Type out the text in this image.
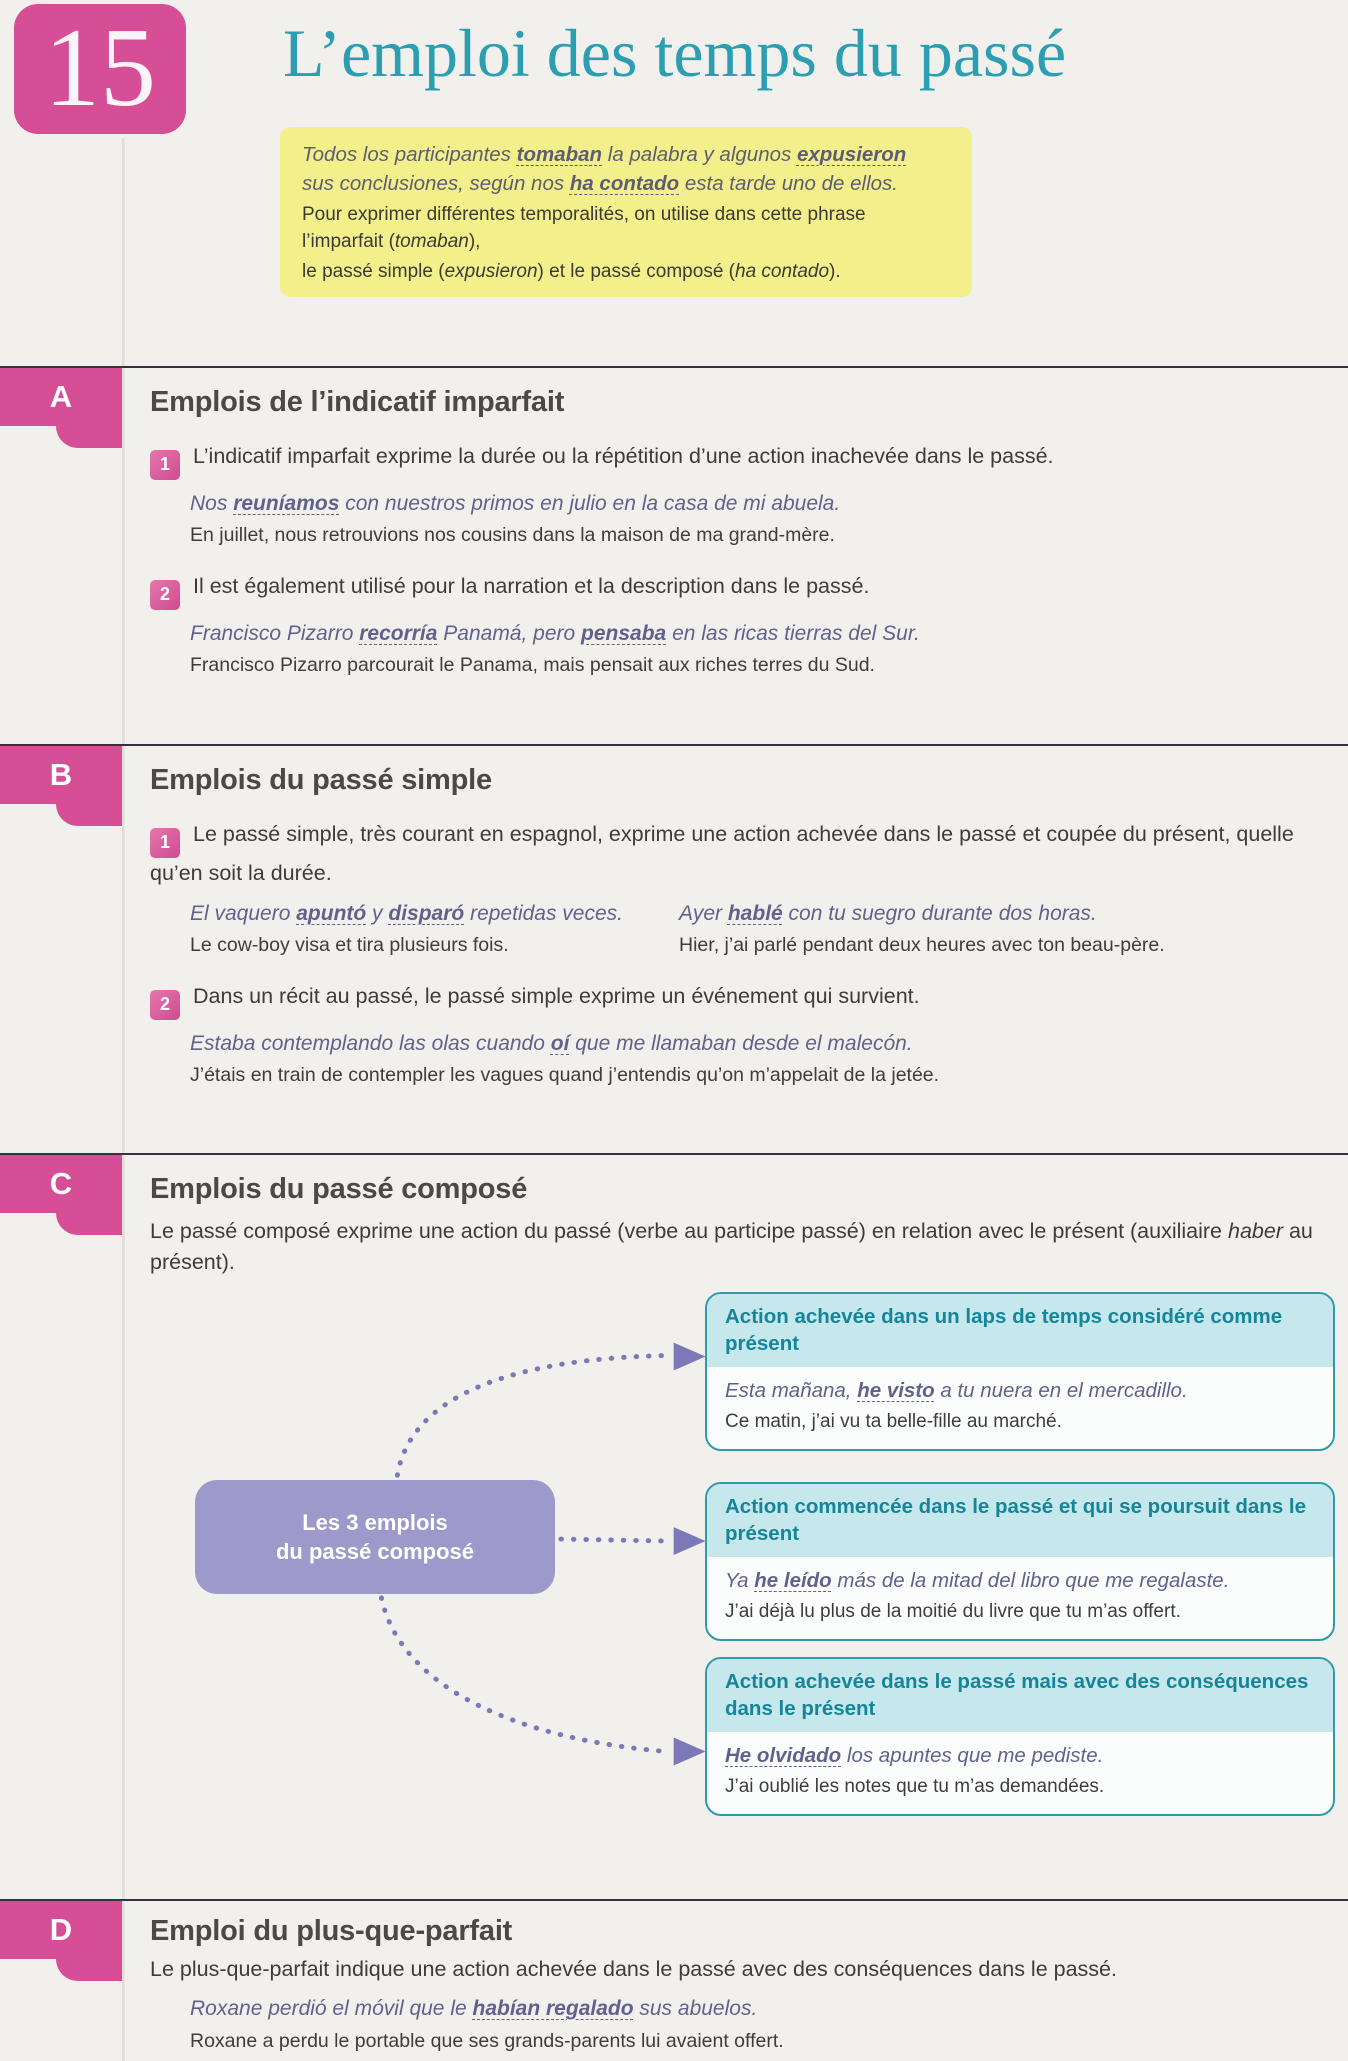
15	L’emploi des temps du passé
Todos los participantes tomaban la palabra y algunos expusieron
sus conclusiones, según nos ha contado esta tarde uno de ellos.
Pour exprimer différentes temporalités, on utilise dans cette phrase l’imparfait (tomaban),
le passé simple (expusieron) et le passé composé (ha contado).
A	Emplois de l’indicatif imparfait
1 L’indicatif imparfait exprime la durée ou la répétition d’une action inachevée dans le passé.
Nos reuníamos con nuestros primos en julio en la casa de mi abuela.
En juillet, nous retrouvions nos cousins dans la maison de ma grand-mère.
2 Il est également utilisé pour la narration et la description dans le passé.
Francisco Pizarro recorría Panamá, pero pensaba en las ricas tierras del Sur.
Francisco Pizarro parcourait le Panama, mais pensait aux riches terres du Sud.
B	Emplois du passé simple
1 Le passé simple, très courant en espagnol, exprime une action achevée dans le passé et coupée du présent, quelle qu’en soit la durée.
El vaquero apuntó y disparó repetidas veces.
Le cow-boy visa et tira plusieurs fois.
Ayer hablé con tu suegro durante dos horas.
Hier, j’ai parlé pendant deux heures avec ton beau-père.
2 Dans un récit au passé, le passé simple exprime un événement qui survient.
Estaba contemplando las olas cuando oí que me llamaban desde el malecón.
J’étais en train de contempler les vagues quand j’entendis qu’on m’appelait de la jetée.
C	Emplois du passé composé

Le passé composé exprime une action du passé (verbe au participe passé) en relation avec le présent (auxiliaire haber au présent).

Les 3 emplois
du passé composé
Action achevée dans un laps de temps considéré comme présent
Esta mañana, he visto a tu nuera en el mercadillo.
Ce matin, j’ai vu ta belle-fille au marché.
Action commencée dans le passé et qui se poursuit dans le présent
Ya he leído más de la mitad del libro que me regalaste.
J’ai déjà lu plus de la moitié du livre que tu m’as offert.
Action achevée dans le passé mais avec des conséquences dans le présent
He olvidado los apuntes que me pediste.
J’ai oublié les notes que tu m’as demandées.
D	Emploi du plus-que-parfait

Le plus-que-parfait indique une action achevée dans le passé avec des conséquences dans le passé.

Roxane perdió el móvil que le habían regalado sus abuelos.
Roxane a perdu le portable que ses grands-parents lui avaient offert.
